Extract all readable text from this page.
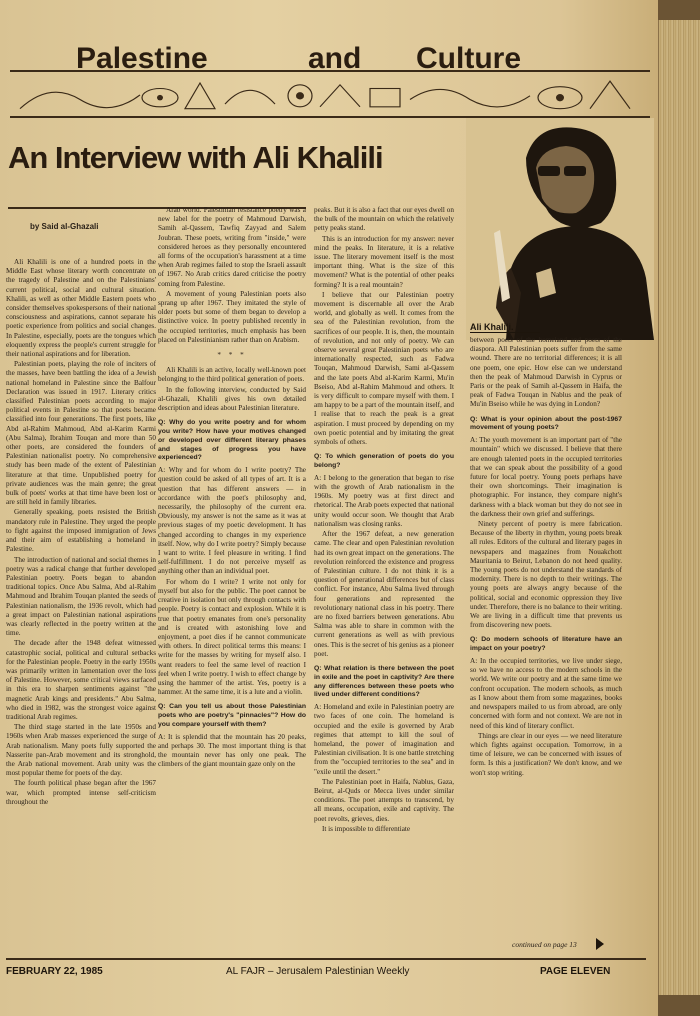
Palestine	and Culture
An Interview with Ali Khalili
Ali Khalili.
by Said al-Ghazali

Ali Khalili is one of a hundred poets in the Middle East whose literary worth concentrate on the tragedy of Palestine and on the Palestinians' current political, social and cultural situation. Khalili, as well as other Middle Eastern poets who consider themselves spokespersons of their national consciousness and aspirations, cannot separate his poetic experience from politics and social changes. In Palestine, especially, poets are the tongues which eloquently express the people's current struggle for their national aspirations and for liberation.

Palestinian poets, playing the role of inciters of the masses, have been battling the idea of a Jewish national homeland in Palestine since the Balfour Declaration was issued in 1917. Literary critics classified Palestinian poets according to major political events in Palestine so that poets became classified into four generations. The first poets, like Abd al-Rahim Mahmoud, Abd al-Karim Karmi (Abu Salma), Ibrahim Touqan and more than 50 other poets, are considered the founders of Palestinian nationalist poetry. No comprehensive study has been made of the extent of Palestinian literature at that time. Unpublished poetry for private audiences was the main genre; the great bulk of poets' works at that time have been lost or are still held in family libraries.

Generally speaking, poets resisted the British mandatory rule in Palestine. They urged the people to fight against the imposed immigration of Jews and their aim of establishing a homeland in Palestine.

The introduction of national and social themes in poetry was a radical change that further developed Palestinian poetry. Poets began to abandon traditional topics. Once Abu Salma, Abd al-Rahim Mahmoud and Ibrahim Touqan planted the seeds of Palestinian nationalism, the 1936 revolt, which had a great impact on Palestinian national aspirations was clearly reflected in the poetry written at the time.

The decade after the 1948 defeat witnessed catastrophic social, political and cultural setbacks for the Palestinian people. Poetry in the early 1950s was primarily written in lamentation over the loss of Palestine. However, some critical views surfaced in this era to sharpen sentiments against "the magnetic Arab kings and presidents." Abu Salma, who died in 1982, was the strongest voice against traditional Arab regimes.

The third stage started in the late 1950s and 1960s when Arab masses experienced the surge of Arab nationalism. Many poets fully supported the Nasserite pan-Arab movement and its stronghold, the Arab national movement. Arab unity was the most popular theme for poets of the day.

The fourth political phase began after the 1967 war, which prompted intense self-criticism throughout the

Arab world. Palestinian resistance poetry was a new label for the poetry of Mahmoud Darwish, Samih al-Qassem, Tawfiq Zayyad and Salem Joubran. These poets, writing from "inside," were considered heroes as they personally encountered all forms of the occupation's harassment at a time when Arab regimes failed to stop the Israeli assault of 1967. No Arab critics dared criticise the poetry coming from Palestine.

A movement of young Palestinian poets also sprang up after 1967. They imitated the style of older poets but some of them began to develop a distinctive voice. In poetry published recently in the occupied territories, much emphasis has been placed on Palestinianism rather than on Arabism.

* * *

Ali Khalili is an active, locally well-known poet belonging to the third political generation of poets.

In the following interview, conducted by Said al-Ghazali, Khalili gives his own detailed description and ideas about Palestinian literature.

Q: Why do you write poetry and for whom you write? How have your motives changed or developed over different literary phases and stages of progress you have experienced?

A: Why and for whom do I write poetry? The question could be asked of all types of art. It is a question that has different answers — in accordance with the poet's philosophy and, necessarily, the philosophy of the current era. Obviously, my answer is not the same as it was at previous stages of my poetic development. It has changed according to changes in my experience itself. Now, why do I write poetry? Simply because I want to write. I feel pleasure in writing. I find self-fulfillment. I do not perceive myself as anything other than an individual poet.

For whom do I write? I write not only for myself but also for the public. The poet cannot be creative in isolation but only through contacts with people. Poetry is contact and explosion. While it is true that poetry emanates from one's personality and is created with astonishing love and enjoyment, a poet dies if he cannot communicate with others. In direct political terms this means: I write for the masses by writing for myself also. I want readers to feel the same level of reaction I feel when I write poetry. I wish to effect change by using the hammer of the artist. Yes, poetry is a hammer. At the same time, it is a lute and a violin.

Q: Can you tell us about those Palestinian poets who are poetry's "pinnacles"? How do you compare yourself with them?

A: It is splendid that the mountain has 20 peaks, and perhaps 30. The most important thing is that the mountain never has only one peak. The climbers of the giant mountain gaze only on the

peaks. But it is also a fact that our eyes dwell on the bulk of the mountain on which the relatively petty peaks stand.

This is an introduction for my answer: never mind the peaks. In literature, it is a relative issue. The literary movement itself is the most important thing. What is the size of this movement? What is the potential of other peaks forming? It is a real mountain?

I believe that our Palestinian poetry movement is discernable all over the Arab world, and globally as well. It comes from the sea of the Palestinian revolution, from the sacrifices of our people. It is, then, the mountain of revolution, and not only of poetry. We can observe several great Palestinian poets who are internationally respected, such as Fadwa Touqan, Mahmoud Darwish, Sami al-Qassem and the late poets Abd al-Karim Karmi, Mu'in Bseiso, Abd al-Rahim Mahmoud and others. It is very difficult to compare myself with them. I am happy to be a part of the mountain itself, and I realise that to reach the peak is a great aspiration. I must proceed by depending on my own poetic potential and by imitating the great symbols of others.

Q: To which generation of poets do you belong?

A: I belong to the generation that began to rise with the growth of Arab nationalism in the 1960s. My poetry was at first direct and rhetorical. The Arab poets expected that national unity would occur soon. We thought that Arab nationalism was closing ranks.

After the 1967 defeat, a new generation came. The clear and open Palestinian revolution had its own great impact on the generations. The revolution reinforced the existence and progress of Palestinian culture. I do not think it is a question of generational differences but of class conflict. For instance, Abu Salma lived through four generations and represented the revolutionary national class in his poetry. There are no fixed barriers between generations. Abu Salma was able to share in common with the current generations as well as with previous ones. This is the secret of his genius as a pioneer poet.

Q: What relation is there between the poet in exile and the poet in captivity? Are there any differences between these poets who lived under different conditions?

A: Homeland and exile in Palestinian poetry are two faces of one coin. The homeland is occupied and the exile is governed by Arab regimes that attempt to kill the soul of homeland, the power of imagination and Palestinian civilisation. It is one battle stretching from the "occupied territories to the sea" and in "exile until the desert."

The Palestinian poet in Haifa, Nablus, Gaza, Beirut, al-Quds or Mecca lives under similar conditions. The poet attempts to transcend, by all means, occupation, exile and captivity. The poet revolts, grieves, dies.

It is impossible to differentiate

between poets of the homeland and poets of the diaspora. All Palestinian poets suffer from the same wound. There are no territorial differences; it is all one poem, one epic. How else can we understand then the peak of Mahmoud Darwish in Cyprus or Paris or the peak of Samih al-Qassem in Haifa, the peak of Fadwa Touqan in Nablus and the peak of Mu'in Bseiso while he was dying in London?

Q: What is your opinion about the post-1967 movement of young poets?

A: The youth movement is an important part of "the mountain" which we discussed. I believe that there are enough talented poets in the occupied territories that we can speak about the possibility of a good future for local poetry. Young poets perhaps have their own shortcomings. Their imagination is photographic. For instance, they compare night's darkness with a black woman but they do not see in the darkness their own grief and sufferings.

Ninety percent of poetry is mere fabrication. Because of the liberty in rhythm, young poets break all rules. Editors of the cultural and literary pages in newspapers and magazines from Nouakchott Mauritania to Beirut, Lebanon do not heed quality. The young poets do not understand the standards of modernity. There is no depth to their writings. The young poets are always angry because of the political, social and economic oppression they live under. Therefore, there is no balance to their writing. We are living in a difficult time that prevents us from discovering new poets.

Q: Do modern schools of literature have an impact on your poetry?

A: In the occupied territories, we live under siege, so we have no access to the modern schools in the world. We write our poetry and at the same time we confront occupation. The modern schools, as much as I know about them from some magazines, books and newspapers mailed to us from abroad, are only concerned with form and not context. We are not in need of this kind of literary conflict.

Things are clear in our eyes — we need literature which fights against occupation. Tomorrow, in a time of leisure, we can be concerned with issues of form. Is this a justification? We don't know, and we won't stop writing.

continued on page 13
FEBRUARY 22, 1985	AL FAJR – Jerusalem Palestinian Weekly	PAGE ELEVEN
